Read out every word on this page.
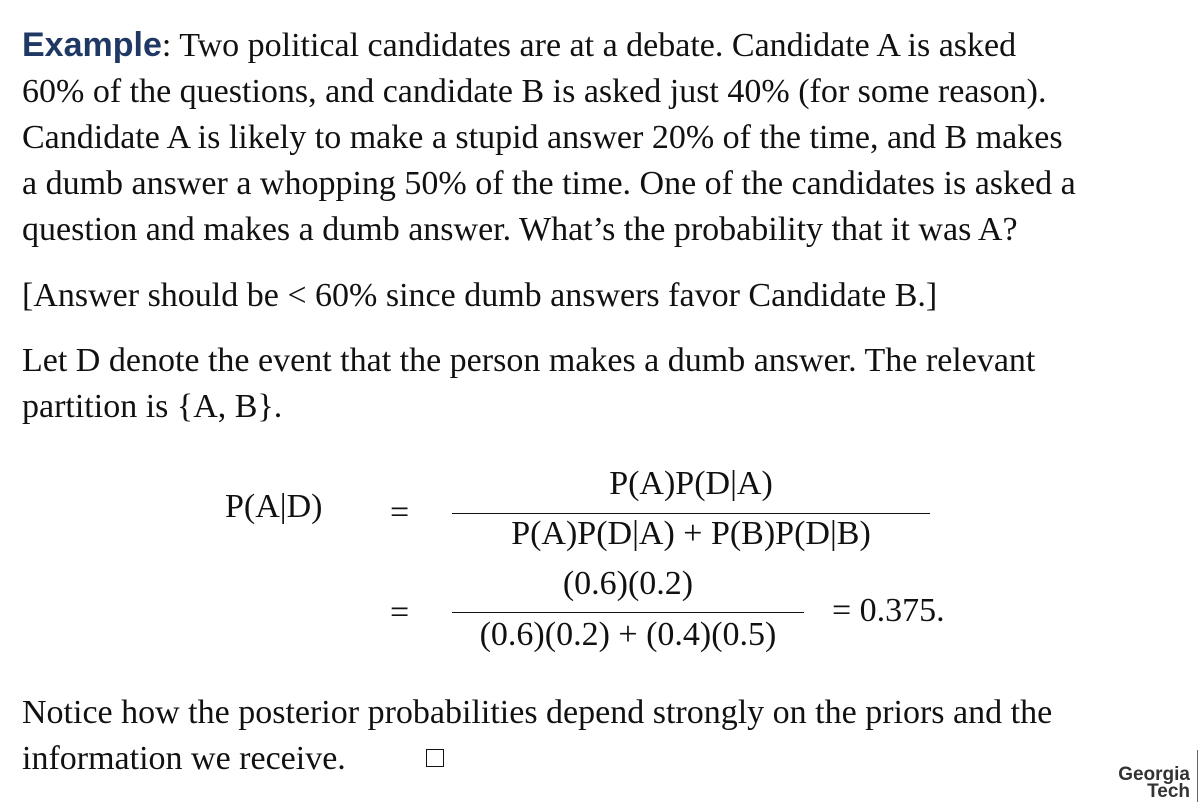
Example: Two political candidates are at a debate. Candidate A is asked
60% of the questions, and candidate B is asked just 40% (for some reason).
Candidate A is likely to make a stupid answer 20% of the time, and B makes
a dumb answer a whopping 50% of the time. One of the candidates is asked a
question and makes a dumb answer. What’s the probability that it was A?
[Answer should be < 60% since dumb answers favor Candidate B.]
Let D denote the event that the person makes a dumb answer. The relevant
partition is {A, B}.
P(A|D) =
P(A)P(D|A)
P(A)P(D|A) + P(B)P(D|B)
=
(0.6)(0.2)
(0.6)(0.2) + (0.4)(0.5)
= 0.375.
Notice how the posterior probabilities depend strongly on the priors and the
information we receive.	Georgia
Tech
